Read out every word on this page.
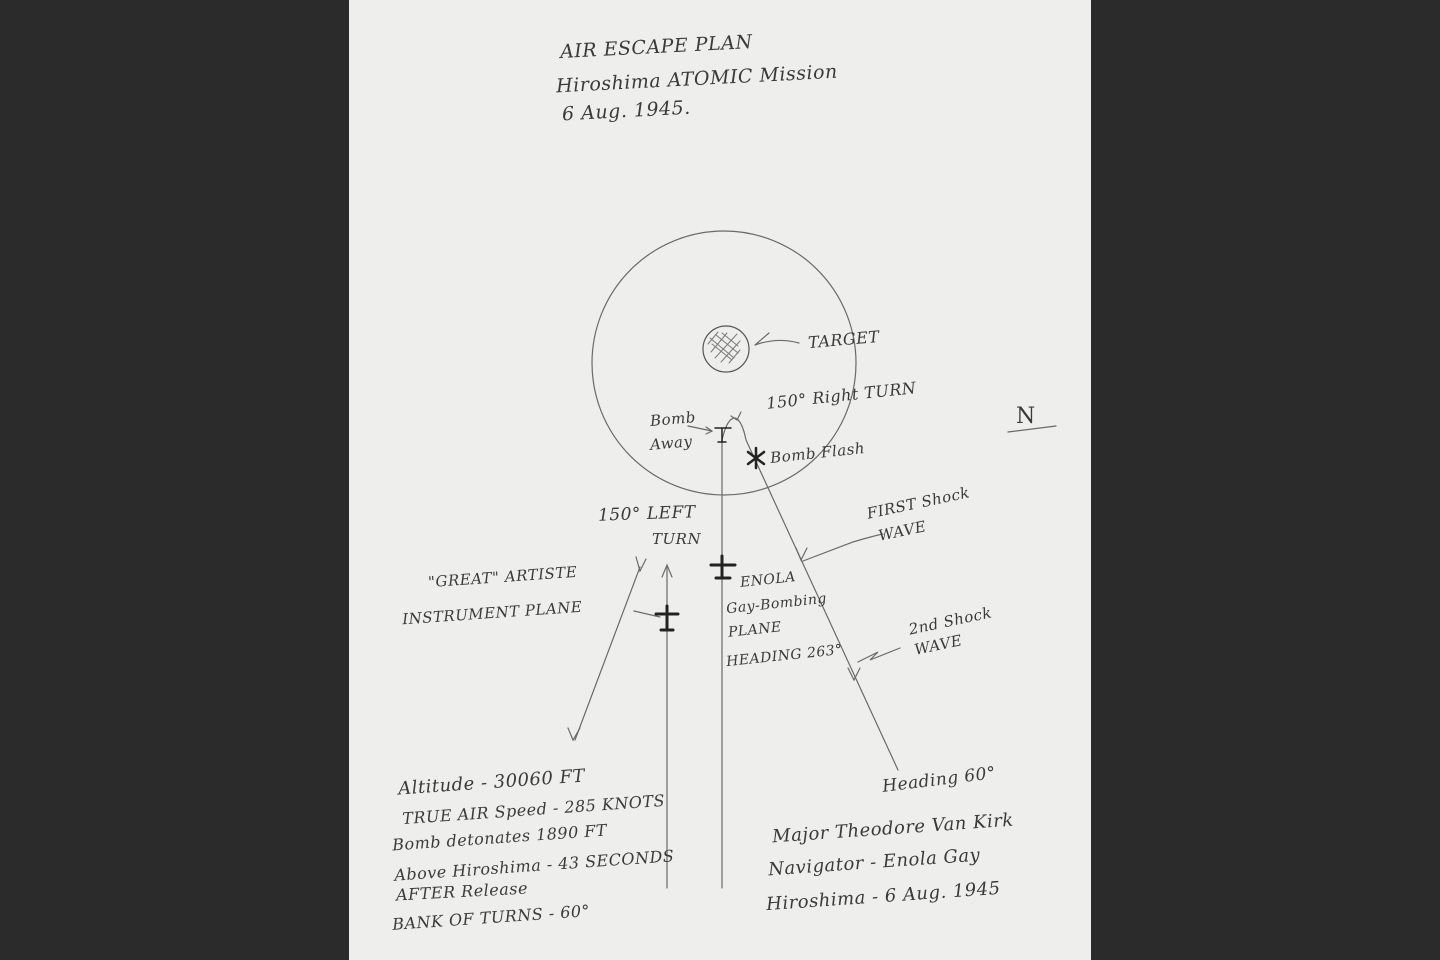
AIR ESCAPE PLAN
Hiroshima ATOMIC Mission
6 Aug. 1945.
TARGET
150° Right TURN
Bomb
Away	Bomb Flash
N
150° LEFT
TURN
FIRST Shock
WAVE
"GREAT" ARTISTE
INSTRUMENT PLANE
ENOLA
Gay-Bombing
PLANE
HEADING 263°
2nd Shock
WAVE
Heading 60°
Altitude - 30060 FT
TRUE AIR Speed - 285 KNOTS
Bomb detonates 1890 FT
Above Hiroshima - 43 SECONDS
AFTER Release
BANK OF TURNS - 60°
Major Theodore Van Kirk
Navigator - Enola Gay
Hiroshima - 6 Aug. 1945
